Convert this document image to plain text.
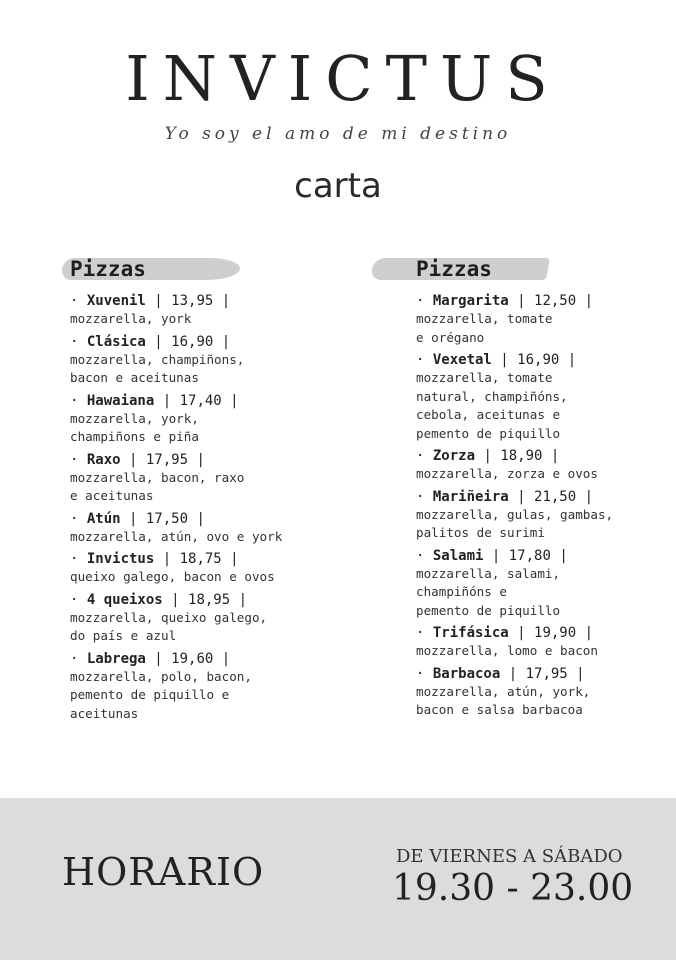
INVICTUS
Yo soy el amo de mi destino
carta
Pizzas
· Xuvenil | 13,95 |
mozzarella, york
· Clásica | 16,90 |
mozzarella, champiñons,
bacon e aceitunas
· Hawaiana | 17,40 |
mozzarella, york,
champiñons e piña
· Raxo | 17,95 |
mozzarella, bacon, raxo
e aceitunas
· Atún | 17,50 |
mozzarella, atún, ovo e york
· Invictus | 18,75 |
queixo galego, bacon e ovos
· 4 queixos | 18,95 |
mozzarella, queixo galego,
do país e azul
· Labrega | 19,60 |
mozzarella, polo, bacon,
pemento de piquillo e
aceitunas
Pizzas
· Margarita | 12,50 |
mozzarella, tomate
e orégano
· Vexetal | 16,90 |
mozzarella, tomate
natural, champiñóns,
cebola, aceitunas e
pemento de piquillo
· Zorza | 18,90 |
mozzarella, zorza e ovos
· Mariñeira | 21,50 |
mozzarella, gulas, gambas,
palitos de surimi
· Salami | 17,80 |
mozzarella, salami,
champiñóns e
pemento de piquillo
· Trifásica | 19,90 |
mozzarella, lomo e bacon
· Barbacoa | 17,95 |
mozzarella, atún, york,
bacon e salsa barbacoa
HORARIO	DE VIERNES A SÁBADO
19.30 - 23.00
